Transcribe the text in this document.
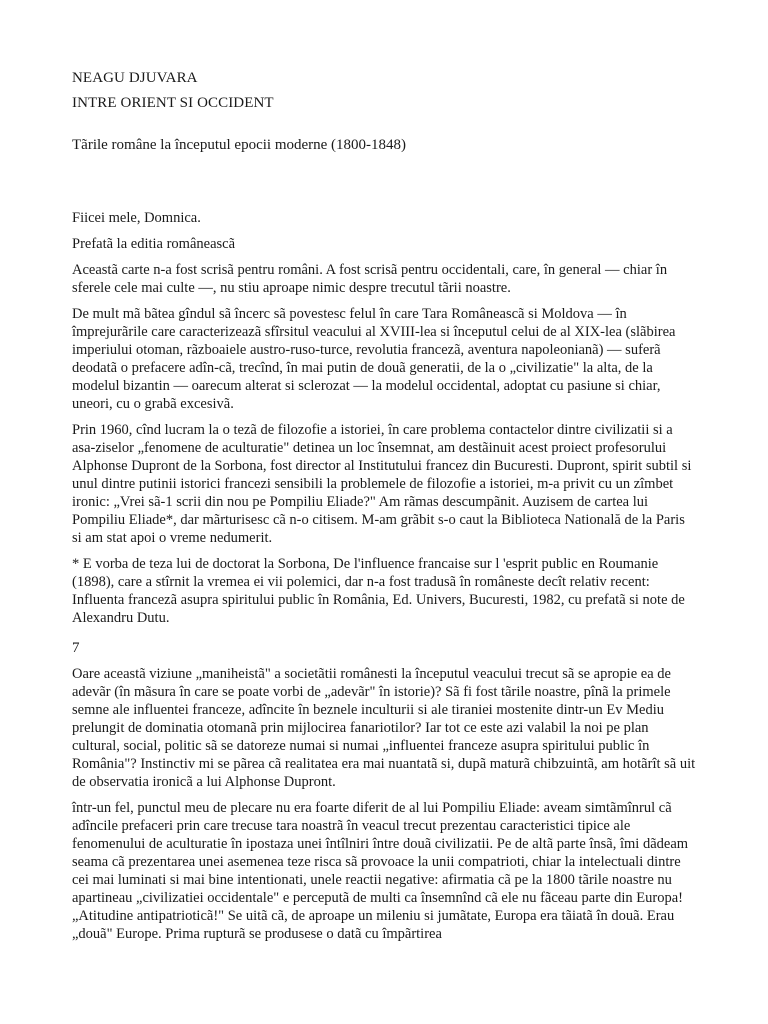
NEAGU DJUVARA

INTRE ORIENT SI OCCIDENT

Tãrile române la începutul epocii moderne (1800-1848)

Fiicei mele, Domnica.

Prefatã la editia româneascã

Aceastã carte n-a fost scrisã pentru români. A fost scrisã pentru occidentali, care, în general — chiar în sferele cele mai culte —, nu stiu aproape nimic despre trecutul tãrii noastre.

De mult mã bãtea gîndul sã încerc sã povestesc felul în care Tara Româneascã si Moldova — în împrejurãrile care caracterizeazã sfîrsitul veacului al XVIII-lea si începutul celui de al XIX-lea (slãbirea imperiului otoman, rãzboaiele austro-ruso-turce, revolutia francezã, aventura napoleonianã) — suferã deodatã o prefacere adîn-cã, trecînd, în mai putin de douã generatii, de la o „civilizatie" la alta, de la modelul bizantin — oarecum alterat si sclerozat — la modelul occidental, adoptat cu pasiune si chiar, uneori, cu o grabã excesivã.

Prin 1960, cînd lucram la o tezã de filozofie a istoriei, în care problema contactelor dintre civilizatii si a asa-ziselor „fenomene de aculturatie" detinea un loc însemnat, am destãinuit acest proiect profesorului Alphonse Dupront de la Sorbona, fost director al Institutului francez din Bucuresti. Dupront, spirit subtil si unul dintre putinii istorici francezi sensibili la problemele de filozofie a istoriei, m-a privit cu un zîmbet ironic: „Vrei sã-1 scrii din nou pe Pompiliu Eliade?" Am rãmas descumpãnit. Auzisem de cartea lui Pompiliu Eliade*, dar mãrturisesc cã n-o citisem. M-am grãbit s-o caut la Biblioteca Natională de la Paris si am stat apoi o vreme nedumerit.

* E vorba de teza lui de doctorat la Sorbona, De l'influence francaise sur l 'esprit public en Roumanie (1898), care a stîrnit la vremea ei vii polemici, dar n-a fost tradusã în româneste decît relativ recent: Influenta francezã asupra spiritului public în România, Ed. Univers, Bucuresti, 1982, cu prefatã si note de Alexandru Dutu.

7

Oare aceastã viziune „maniheistã" a societãtii românesti la începutul veacului trecut sã se apropie ea de adevãr (în mãsura în care se poate vorbi de „adevãr" în istorie)? Sã fi fost tãrile noastre, pînã la primele semne ale influentei franceze, adîncite în beznele inculturii si ale tiraniei mostenite dintr-un Ev Mediu prelungit de dominatia otomanã prin mijlocirea fanariotilor? Iar tot ce este azi valabil la noi pe plan cultural, social, politic sã se datoreze numai si numai „influentei franceze asupra spiritului public în România"? Instinctiv mi se pãrea cã realitatea era mai nuantatã si, dupã maturã chibzuintã, am hotãrît sã uit de observatia ironicã a lui Alphonse Dupront.

într-un fel, punctul meu de plecare nu era foarte diferit de al lui Pompiliu Eliade: aveam simtãmînrul cã adîncile prefaceri prin care trecuse tara noastrã în veacul trecut prezentau caracteristici tipice ale fenomenului de aculturatie în ipostaza unei întîlniri între douã civilizatii. Pe de altã parte însã, îmi dãdeam seama cã prezentarea unei asemenea teze risca sã provoace la unii compatrioti, chiar la intelectuali dintre cei mai luminati si mai bine intentionati, unele reactii negative: afirmatia cã pe la 1800 tãrile noastre nu apartineau „civilizatiei occidentale" e perceputã de multi ca însemnînd cã ele nu fãceau parte din Europa! „Atitudine antipatrioticã!" Se uitã cã, de aproape un mileniu si jumãtate, Europa era tãiatã în douã. Erau „douã" Europe. Prima rupturã se produsese o datã cu împãrtirea
